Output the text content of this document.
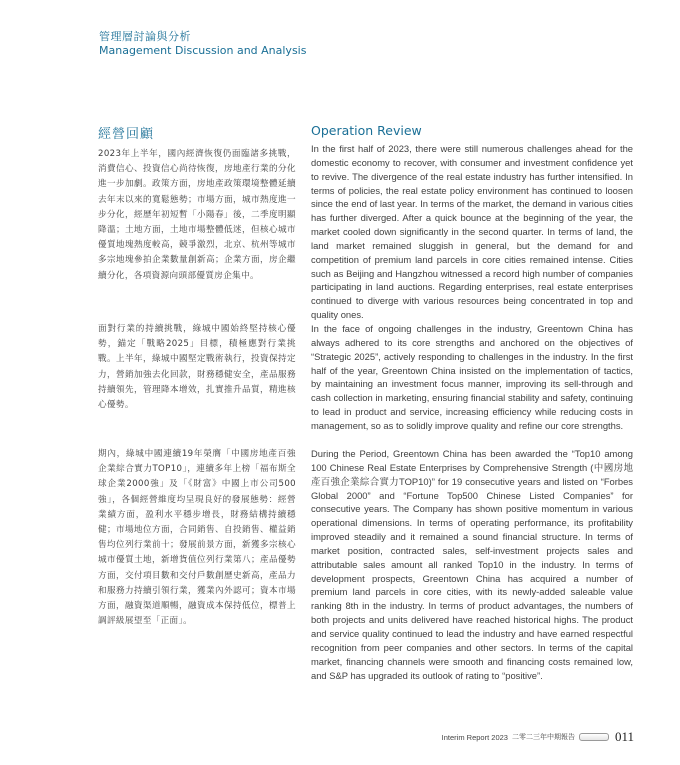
管理層討論與分析
Management Discussion and Analysis
經營回顧

2023年上半年，國內經濟恢復仍面臨諸多挑戰，消費信心、投資信心尚待恢復，房地產行業的分化進一步加劇。政策方面，房地產政策環境整體延續去年末以來的寬鬆態勢；市場方面，城市熱度進一步分化，經歷年初短暫「小陽春」後，二季度明顯降溫；土地方面，土地市場整體低迷，但核心城市優質地塊熱度較高，競爭激烈，北京、杭州等城市多宗地塊參拍企業數量創新高；企業方面，房企繼續分化，各項資源向頭部優質房企集中。

Operation Review

In the first half of 2023, there were still numerous challenges ahead for the domestic economy to recover, with consumer and investment confidence yet to revive. The divergence of the real estate industry has further intensified. In terms of policies, the real estate policy environment has continued to loosen since the end of last year. In terms of the market, the demand in various cities has further diverged. After a quick bounce at the beginning of the year, the market cooled down significantly in the second quarter. In terms of land, the land market remained sluggish in general, but the demand for and competition of premium land parcels in core cities remained intense. Cities such as Beijing and Hangzhou witnessed a record high number of companies participating in land auctions. Regarding enterprises, real estate enterprises continued to diverge with various resources being concentrated in top and quality ones.

面對行業的持續挑戰，綠城中國始終堅持核心優勢，錨定「戰略2025」目標，積極應對行業挑戰。上半年，綠城中國堅定戰術執行，投資保持定力，營銷加強去化回款，財務穩健安全，產品服務持續領先，管理降本增效，扎實推升品質，精進核心優勢。

In the face of ongoing challenges in the industry, Greentown China has always adhered to its core strengths and anchored on the objectives of “Strategic 2025”, actively responding to challenges in the industry. In the first half of the year, Greentown China insisted on the implementation of tactics, by maintaining an investment focus manner, improving its sell-through and cash collection in marketing, ensuring financial stability and safety, continuing to lead in product and service, increasing efficiency while reducing costs in management, so as to solidly improve quality and refine our core strengths.

期內，綠城中國連續19年榮膺「中國房地產百強企業綜合實力TOP10」，連續多年上榜「福布斯全球企業2000強」及「《財富》中國上市公司500強」，各個經營維度均呈現良好的發展態勢：經營業績方面，盈利水平穩步增長，財務結構持續穩健；市場地位方面，合同銷售、自投銷售、權益銷售均位列行業前十；發展前景方面，新獲多宗核心城市優質土地，新增貨值位列行業第八；產品優勢方面，交付項目數和交付戶數創歷史新高，產品力和服務力持續引領行業，獲業內外認可；資本市場方面，融資渠道順暢，融資成本保持低位，標普上調評級展望至「正面」。

During the Period, Greentown China has been awarded the “Top10 among 100 Chinese Real Estate Enterprises by Comprehensive Strength (中國房地產百強企業綜合實力TOP10)” for 19 consecutive years and listed on “Forbes Global 2000” and “Fortune Top500 Chinese Listed Companies” for consecutive years. The Company has shown positive momentum in various operational dimensions. In terms of operating performance, its profitability improved steadily and it remained a sound financial structure. In terms of market position, contracted sales, self-investment projects sales and attributable sales amount all ranked Top10 in the industry. In terms of development prospects, Greentown China has acquired a number of premium land parcels in core cities, with its newly-added saleable value ranking 8th in the industry. In terms of product advantages, the numbers of both projects and units delivered have reached historical highs. The product and service quality continued to lead the industry and have earned respectful recognition from peer companies and other sectors. In terms of the capital market, financing channels were smooth and financing costs remained low, and S&P has upgraded its outlook of rating to “positive”.

Interim Report 2023 二零二三年中期報告	011
